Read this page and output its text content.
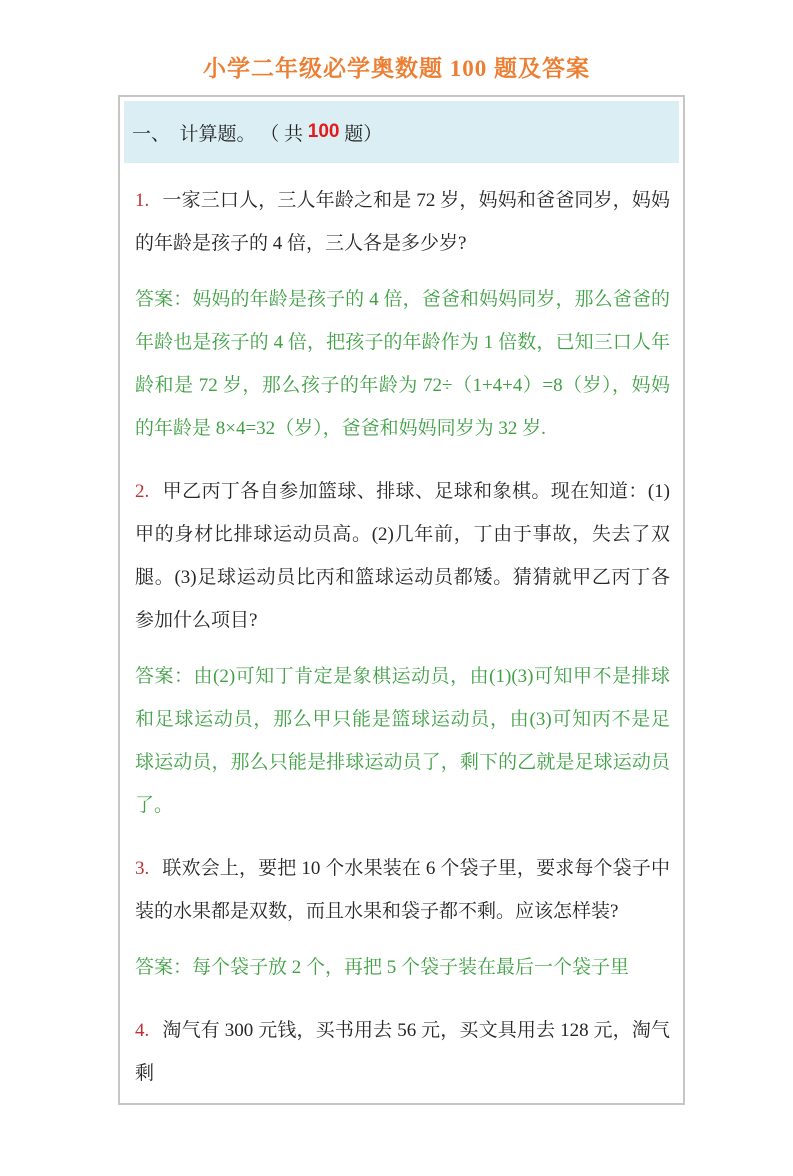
小学二年级必学奥数题 100 题及答案
一、  计算题。 （ 共 100 题）

1. 一家三口人，三人年龄之和是 72 岁，妈妈和爸爸同岁，妈妈的年龄是孩子的 4 倍，三人各是多少岁?

答案：妈妈的年龄是孩子的 4 倍，爸爸和妈妈同岁，那么爸爸的年龄也是孩子的 4 倍，把孩子的年龄作为 1 倍数，已知三口人年龄和是 72 岁，那么孩子的年龄为 72÷（1+4+4）=8（岁），妈妈的年龄是 8×4=32（岁），爸爸和妈妈同岁为 32 岁.

2. 甲乙丙丁各自参加篮球、排球、足球和象棋。现在知道：(1)甲的身材比排球运动员高。(2)几年前，丁由于事故，失去了双腿。(3)足球运动员比丙和篮球运动员都矮。猜猜就甲乙丙丁各参加什么项目?

答案：由(2)可知丁肯定是象棋运动员，由(1)(3)可知甲不是排球和足球运动员，那么甲只能是篮球运动员，由(3)可知丙不是足球运动员，那么只能是排球运动员了，剩下的乙就是足球运动员了。

3. 联欢会上，要把 10 个水果装在 6 个袋子里，要求每个袋子中装的水果都是双数，而且水果和袋子都不剩。应该怎样装?

答案：每个袋子放 2 个，再把 5 个袋子装在最后一个袋子里

4. 淘气有 300 元钱，买书用去 56 元，买文具用去 128 元，淘气剩
